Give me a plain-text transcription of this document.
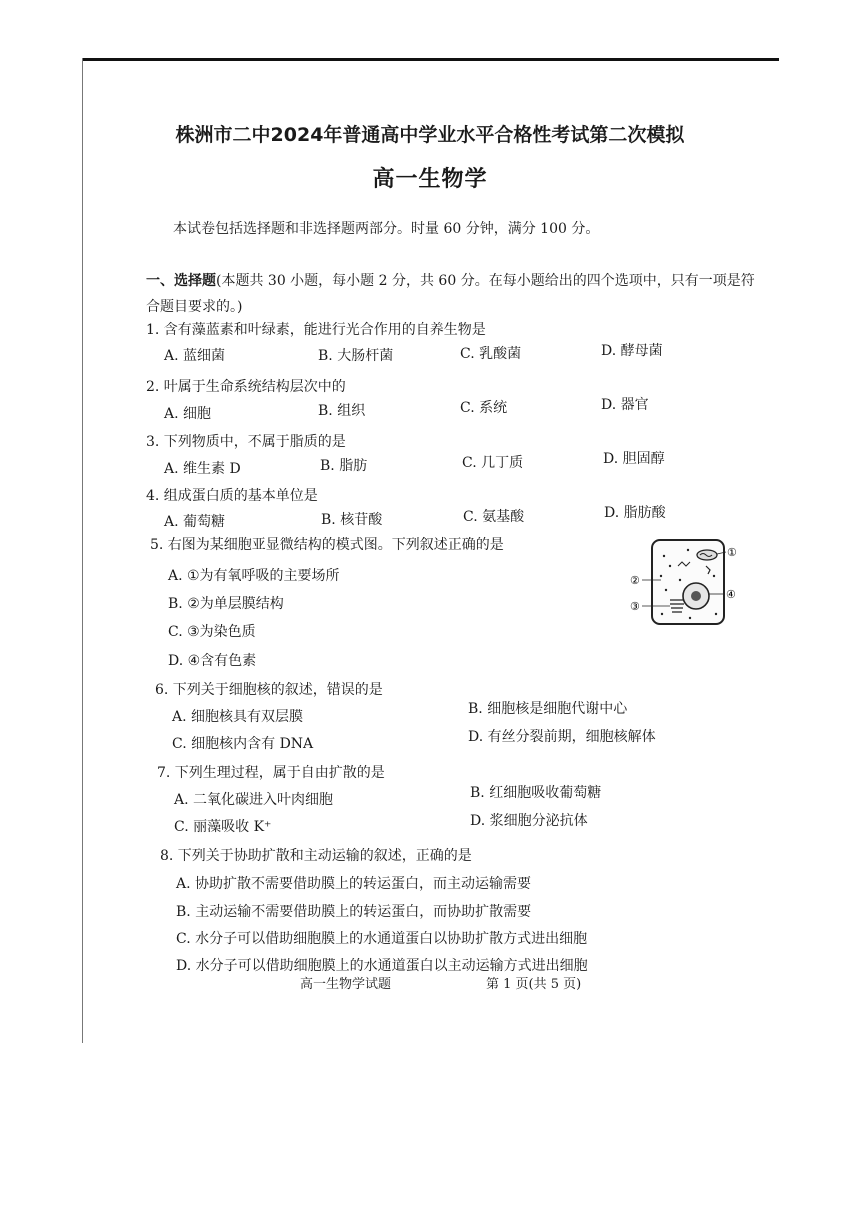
株洲市二中2024年普通高中学业水平合格性考试第二次模拟
高一生物学
本试卷包括选择题和非选择题两部分。时量 60 分钟，满分 100 分。
一、选择题(本题共 30 小题，每小题 2 分，共 60 分。在每小题给出的四个选项中，只有一项是符
合题目要求的。)
1. 含有藻蓝素和叶绿素，能进行光合作用的自养生物是
A. 蓝细菌	B. 大肠杆菌	C. 乳酸菌	D. 酵母菌
2. 叶属于生命系统结构层次中的
A. 细胞	B. 组织	C. 系统	D. 器官
3. 下列物质中，不属于脂质的是
A. 维生素 D	B. 脂肪	C. 几丁质	D. 胆固醇
4. 组成蛋白质的基本单位是
A. 葡萄糖	B. 核苷酸	C. 氨基酸	D. 脂肪酸
5. 右图为某细胞亚显微结构的模式图。下列叙述正确的是
A. ①为有氧呼吸的主要场所
B. ②为单层膜结构
C. ③为染色质
D. ④含有色素
①
②
③
④
6. 下列关于细胞核的叙述，错误的是
A. 细胞核具有双层膜	B. 细胞核是细胞代谢中心
C. 细胞核内含有 DNA	D. 有丝分裂前期，细胞核解体
7. 下列生理过程，属于自由扩散的是
A. 二氧化碳进入叶肉细胞	B. 红细胞吸收葡萄糖
C. 丽藻吸收 K⁺	D. 浆细胞分泌抗体
8. 下列关于协助扩散和主动运输的叙述，正确的是
A. 协助扩散不需要借助膜上的转运蛋白，而主动运输需要
B. 主动运输不需要借助膜上的转运蛋白，而协助扩散需要
C. 水分子可以借助细胞膜上的水通道蛋白以协助扩散方式进出细胞
D. 水分子可以借助细胞膜上的水通道蛋白以主动运输方式进出细胞
高一生物学试题	第 1 页(共 5 页)
